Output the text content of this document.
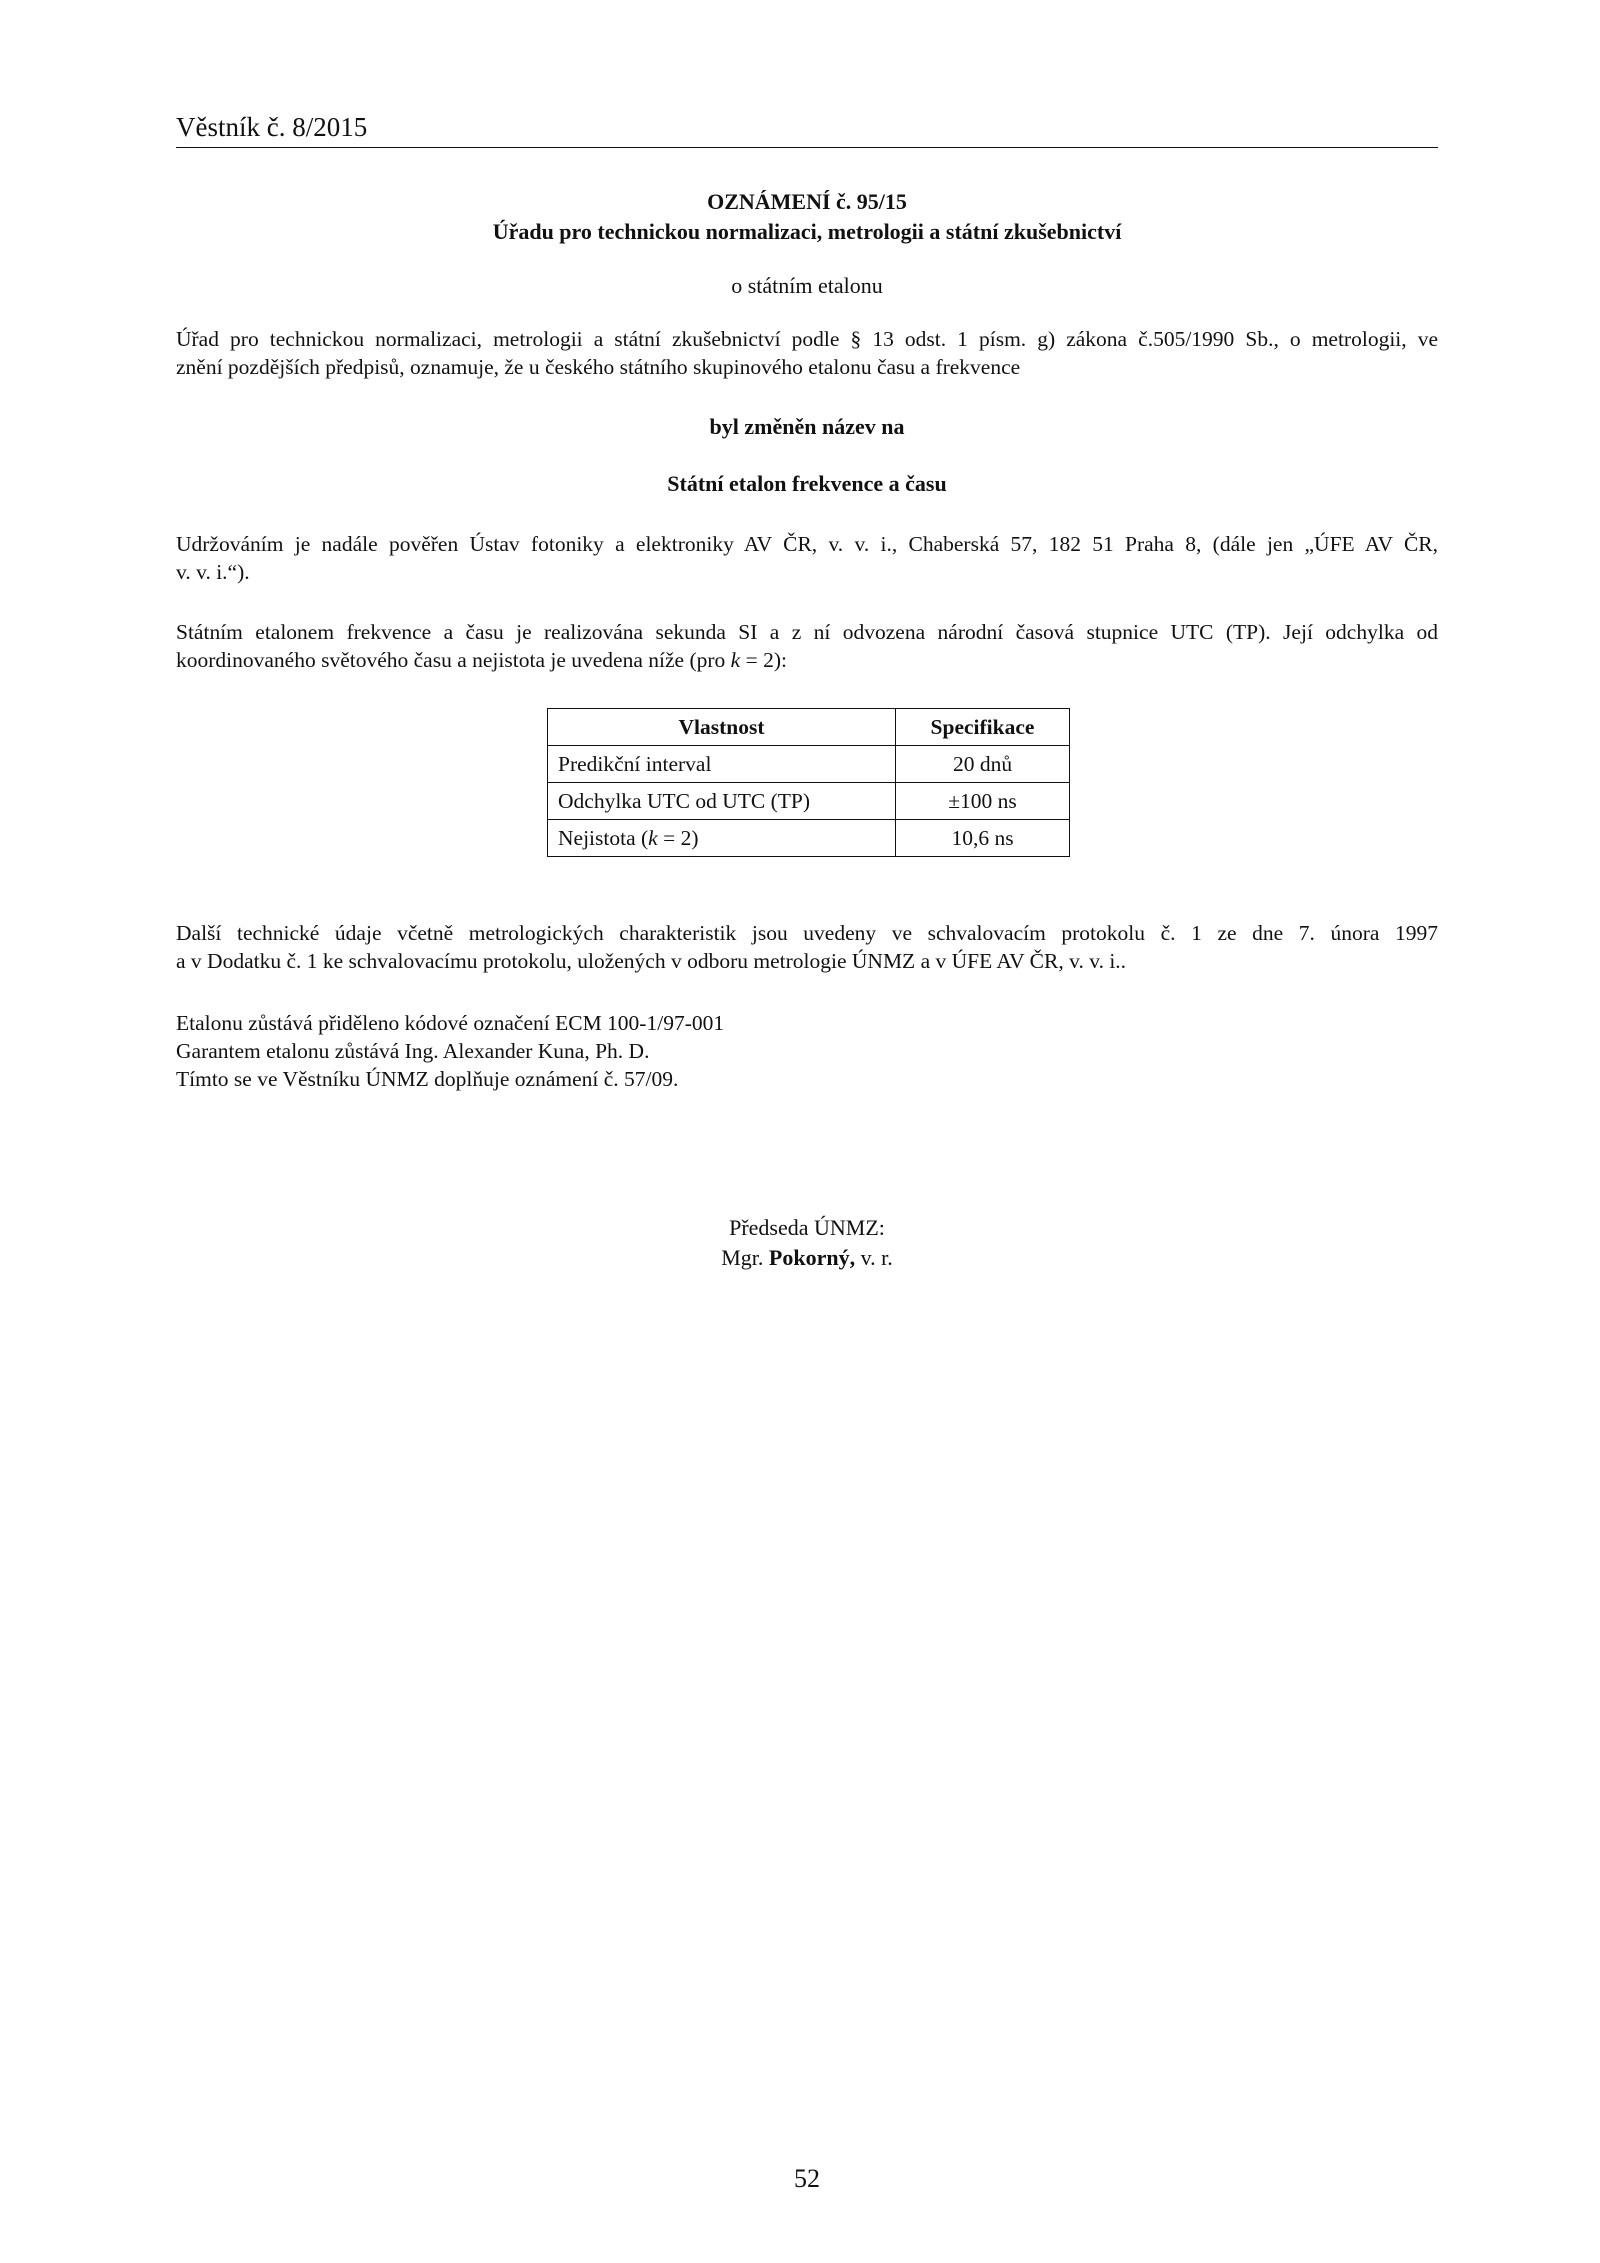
Věstník č. 8/2015
OZNÁMENÍ č. 95/15
Úřadu pro technickou normalizaci, metrologii a státní zkušebnictví
o státním etalonu
Úřad pro technickou normalizaci, metrologii a státní zkušebnictví podle § 13 odst. 1 písm. g) zákona č.505/1990 Sb., o metrologii, ve
znění pozdějších předpisů, oznamuje, že u českého státního skupinového etalonu času a frekvence
byl změněn název na
Státní etalon frekvence a času
Udržováním je nadále pověřen Ústav fotoniky a elektroniky AV ČR, v. v. i., Chaberská 57, 182 51 Praha 8, (dále jen „ÚFE AV ČR,
v. v. i.“).
Státním etalonem frekvence a času je realizována sekunda SI a z ní odvozena národní časová stupnice UTC (TP). Její odchylka od
koordinovaného světového času a nejistota je uvedena níže (pro k = 2):
Vlastnost	Specifikace
Predikční interval	20 dnů
Odchylka UTC od UTC (TP)	±100 ns
Nejistota (k = 2)	10,6 ns
Další technické údaje včetně metrologických charakteristik jsou uvedeny ve schvalovacím protokolu č. 1 ze dne 7. února 1997
a v Dodatku č. 1 ke schvalovacímu protokolu, uložených v odboru metrologie ÚNMZ a v ÚFE AV ČR, v. v. i..
Etalonu zůstává přiděleno kódové označení ECM 100-1/97-001
Garantem etalonu zůstává Ing. Alexander Kuna, Ph. D.
Tímto se ve Věstníku ÚNMZ doplňuje oznámení č. 57/09.
Předseda ÚNMZ:
Mgr. Pokorný, v. r.
52
